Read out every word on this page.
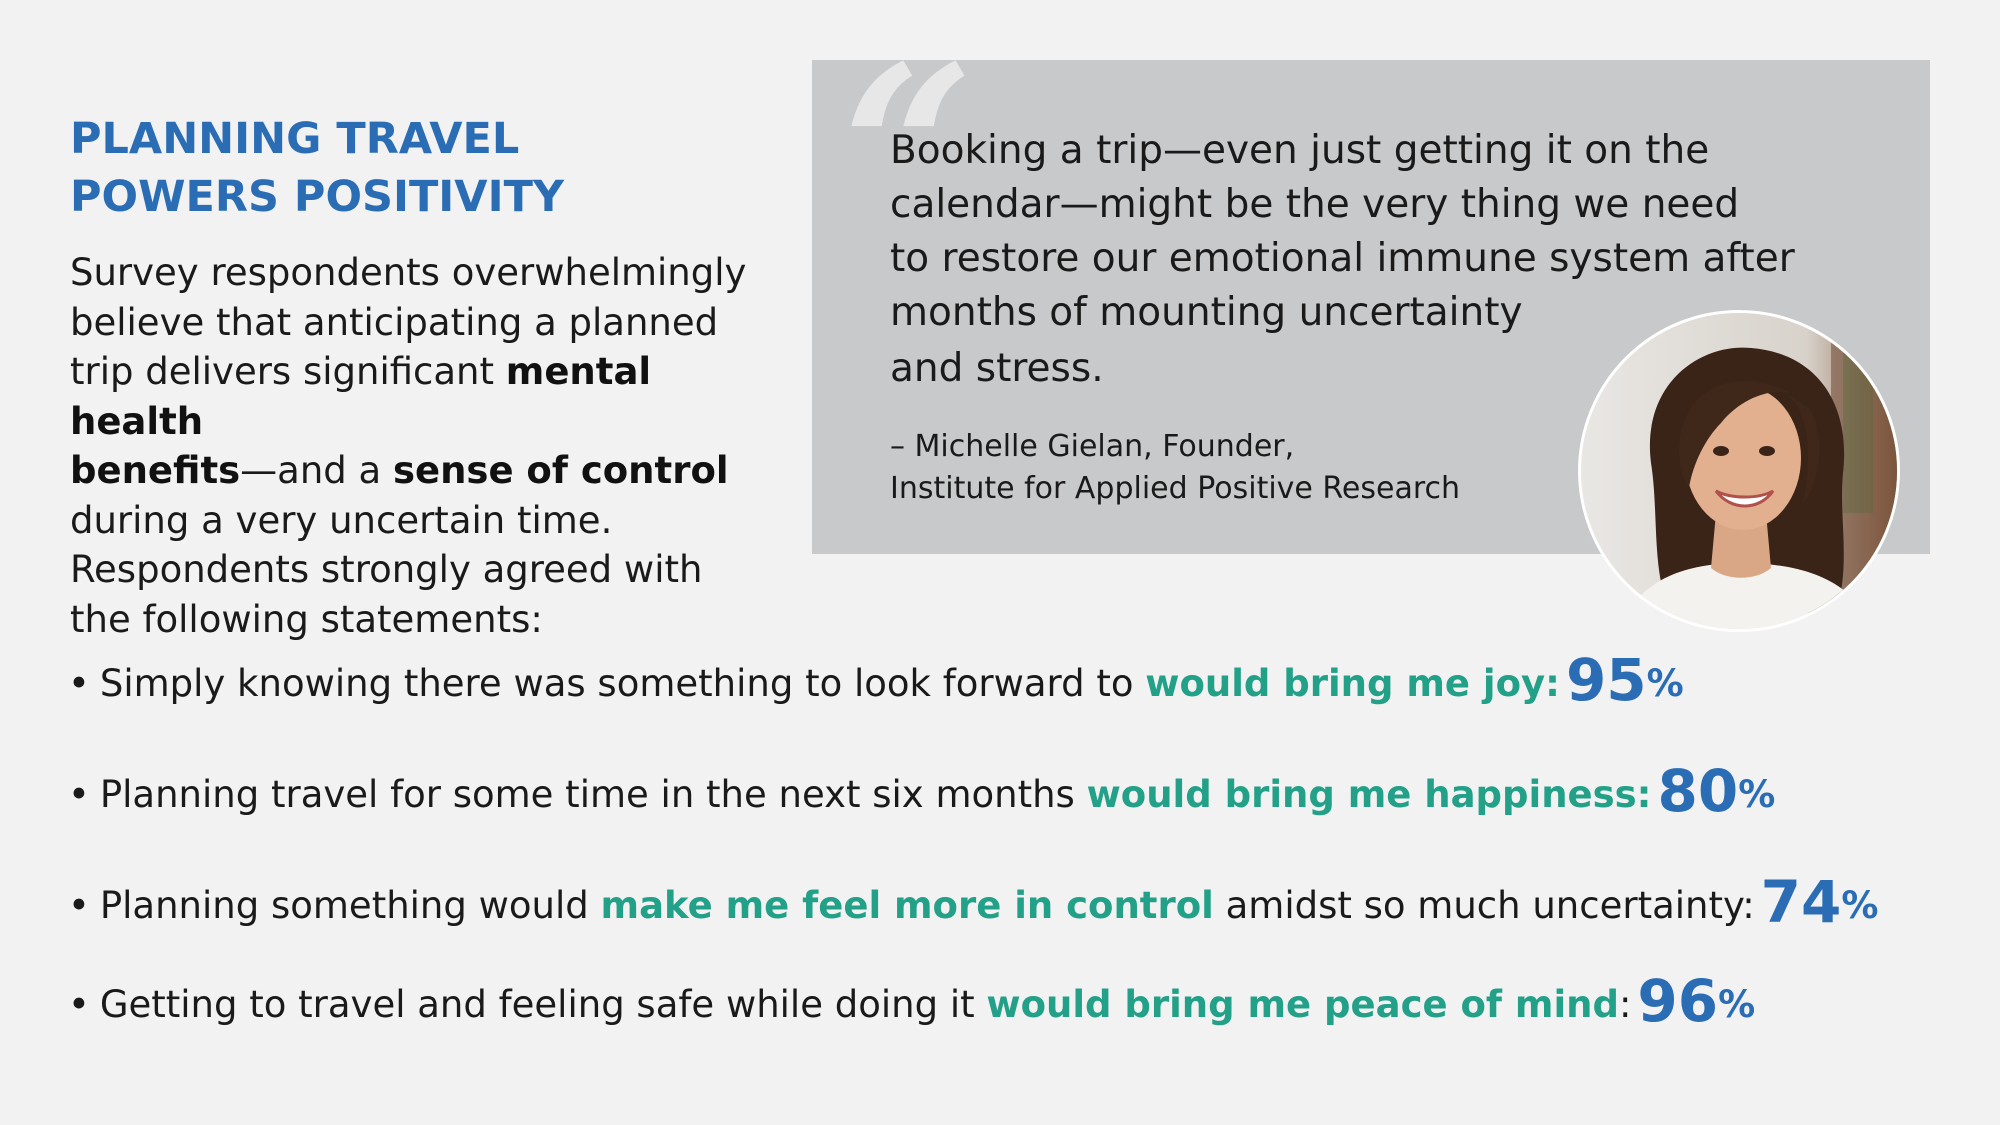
PLANNING TRAVEL
POWERS POSITIVITY
Survey respondents overwhelmingly
believe that anticipating a planned
trip delivers significant mental health
benefits—and a sense of control
during a very uncertain time.
Respondents strongly agreed with
the following statements:
“
Booking a trip—even just getting it on the
calendar—might be the very thing we need
to restore our emotional immune system after
months of mounting uncertainty
and stress.
– Michelle Gielan, Founder,
Institute for Applied Positive Research
• Simply knowing there was something to look forward to would bring me joy: 95%
• Planning travel for some time in the next six months would bring me happiness: 80%
• Planning something would make me feel more in control amidst so much uncertainty: 74%
• Getting to travel and feeling safe while doing it would bring me peace of mind: 96%
